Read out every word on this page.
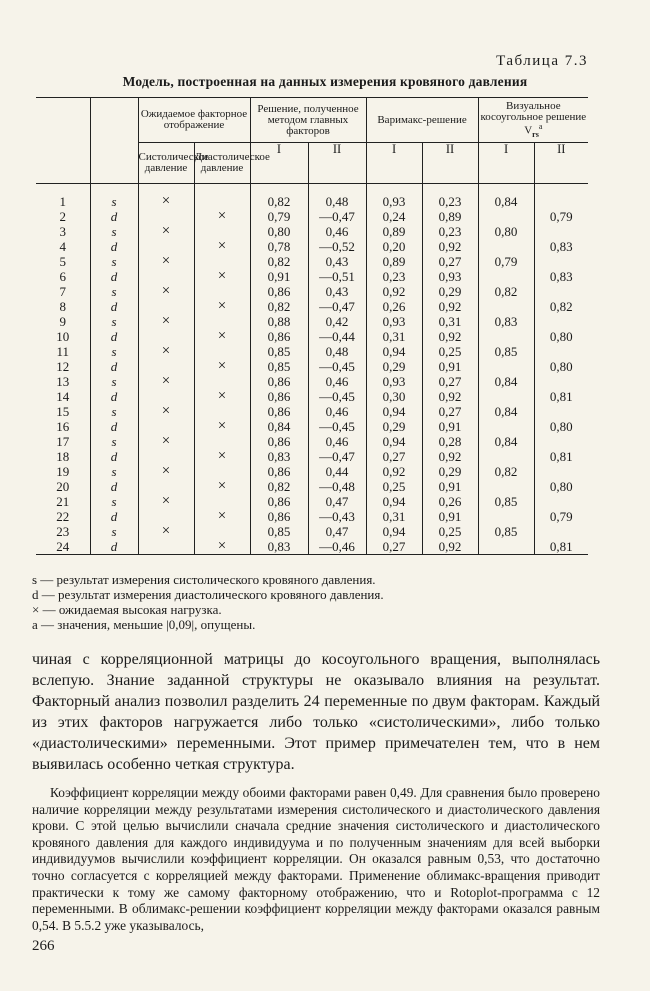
Таблица 7.3
Модель, построенная на данных измерения кровяного давления
		Ожидаемое факторное отображение		Решение, полученное методом главных факторов		Варимакс-решение		Визуальное косоугольное решение $V_{rs}^а$
		Систолическое давление	Диастолическое давление	I	II	I	II	I	II
1	s	×		0,82	0,48	0,93	0,23	0,84	
2	d		×	0,79	—0,47	0,24	0,89		0,79
3	s	×		0,80	0,46	0,89	0,23	0,80	
4	d		×	0,78	—0,52	0,20	0,92		0,83
5	s	×		0,82	0,43	0,89	0,27	0,79	
6	d		×	0,91	—0,51	0,23	0,93		0,83
7	s	×		0,86	0,43	0,92	0,29	0,82	
8	d		×	0,82	—0,47	0,26	0,92		0,82
9	s	×		0,88	0,42	0,93	0,31	0,83	
10	d		×	0,86	—0,44	0,31	0,92		0,80
11	s	×		0,85	0,48	0,94	0,25	0,85	
12	d		×	0,85	—0,45	0,29	0,91		0,80
13	s	×		0,86	0,46	0,93	0,27	0,84	
14	d		×	0,86	—0,45	0,30	0,92		0,81
15	s	×		0,86	0,46	0,94	0,27	0,84	
16	d		×	0,84	—0,45	0,29	0,91		0,80
17	s	×		0,86	0,46	0,94	0,28	0,84	
18	d		×	0,83	—0,47	0,27	0,92		0,81
19	s	×		0,86	0,44	0,92	0,29	0,82	
20	d		×	0,82	—0,48	0,25	0,91		0,80
21	s	×		0,86	0,47	0,94	0,26	0,85	
22	d		×	0,86	—0,43	0,31	0,91		0,79
23	s	×		0,85	0,47	0,94	0,25	0,85	
24	d		×	0,83	—0,46	0,27	0,92		0,81
s — результат измерения систолического кровяного давления.
d — результат измерения диастолического кровяного давления.
× — ожидаемая высокая нагрузка.
а — значения, меньшие |0,09|, опущены.
чиная с корреляционной матрицы до косоугольного вращения, выполнялась вслепую. Знание заданной структуры не оказывало влияния на результат. Факторный анализ позволил разделить 24 переменные по двум факторам. Каждый из этих факторов нагружается либо только «систолическими», либо только «диастолическими» переменными. Этот пример примечателен тем, что в нем выявилась особенно четкая структура.
Коэффициент корреляции между обоими факторами равен 0,49. Для сравнения было проверено наличие корреляции между результатами измерения систолического и диастолического давления крови. С этой целью вычислили сначала средние значения систолического и диастолического кровяного давления для каждого индивидуума и по полученным значениям для всей выборки индивидуумов вычислили коэффициент корреляции. Он оказался равным 0,53, что достаточно точно согласуется с корреляцией между факторами. Применение облимакс-вращения приводит практически к тому же самому факторному отображению, что и Rotoplot-программа с 12 переменными. В облимакс-решении коэффициент корреляции между факторами оказался равным 0,54. В 5.5.2 уже указывалось,
266
